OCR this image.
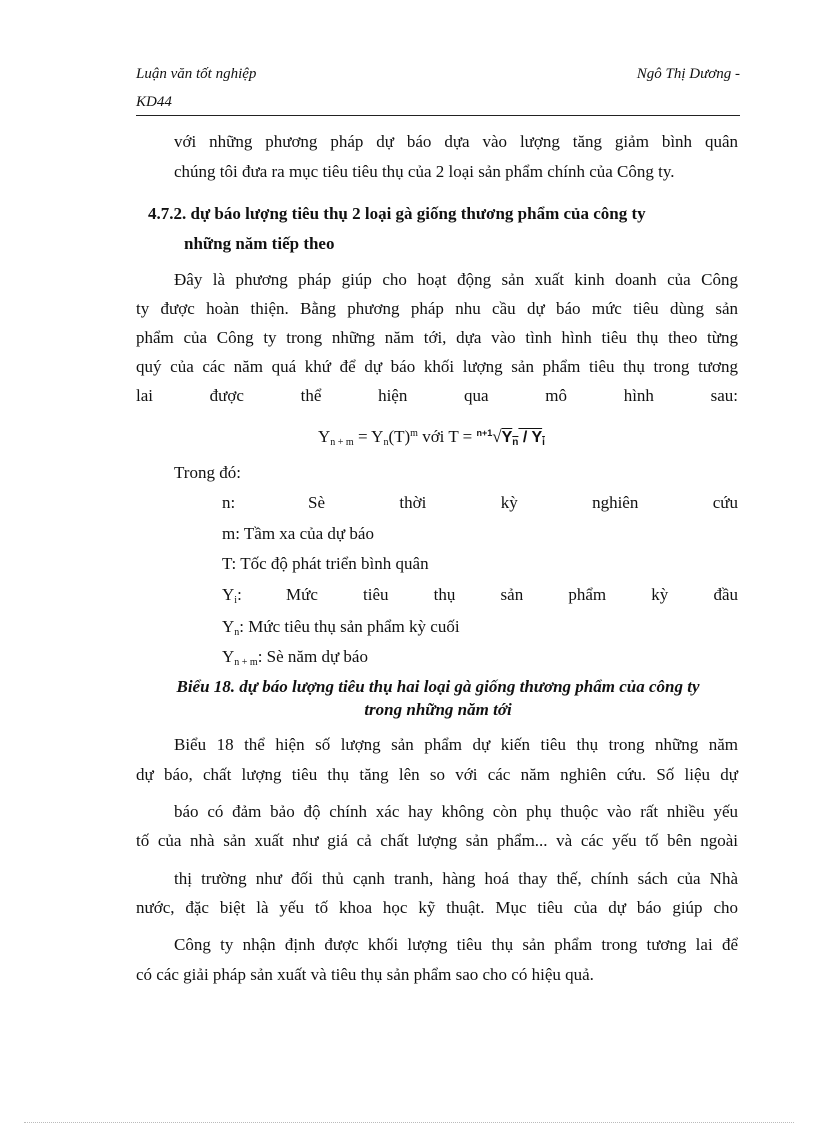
Luận văn tốt nghiệp
KD44
Ngô Thị Dương -
với những phương pháp dự báo dựa vào lượng tăng giảm bình quân
chúng tôi đưa ra mục tiêu tiêu thụ của 2 loại sản phẩm chính của Công ty.
4.7.2. dự báo lượng tiêu thụ 2 loại gà giống thương phẩm của công ty
những năm tiếp theo
Đây là phương pháp giúp cho hoạt động sản xuất kinh doanh của Công
ty được hoàn thiện. Bằng phương pháp nhu cầu dự báo mức tiêu dùng sản
phẩm của Công ty trong những năm tới, dựa vào tình hình tiêu thụ theo từng
quý của các năm quá khứ để dự báo khối lượng sản phẩm tiêu thụ trong tương
lai được thể hiện qua mô hình sau:
$Y_{n + m} = Y_n(T)^m$ với $T = ^{n+1}√Y_n / Y_i$
Trong đó:
n:	Sè thời kỳ nghiên cứu
m: Tầm xa của dự báo
T: Tốc độ phát triển bình quân
$Y_i$:	Mức tiêu thụ sản phẩm kỳ đầu
$Y_n$: Mức tiêu thụ sản phẩm kỳ cuối
$Y_{n + m}$: Sè năm dự báo
Biểu 18. dự báo lượng tiêu thụ hai loại gà giống thương phẩm của công ty
trong những năm tới
Biểu 18 thể hiện số lượng sản phẩm dự kiến tiêu thụ trong những năm
dự báo, chất lượng tiêu thụ tăng lên so với các năm nghiên cứu. Số liệu dự
báo có đảm bảo độ chính xác hay không còn phụ thuộc vào rất nhiều yếu
tố của nhà sản xuất như giá cả chất lượng sản phẩm... và các yếu tố bên ngoài
thị trường như đối thủ cạnh tranh, hàng hoá thay thế, chính sách của Nhà
nước, đặc biệt là yếu tố khoa học kỹ thuật. Mục tiêu của dự báo giúp cho
Công ty nhận định được khối lượng tiêu thụ sản phẩm trong tương lai để
có các giải pháp sản xuất và tiêu thụ sản phẩm sao cho có hiệu quả.
